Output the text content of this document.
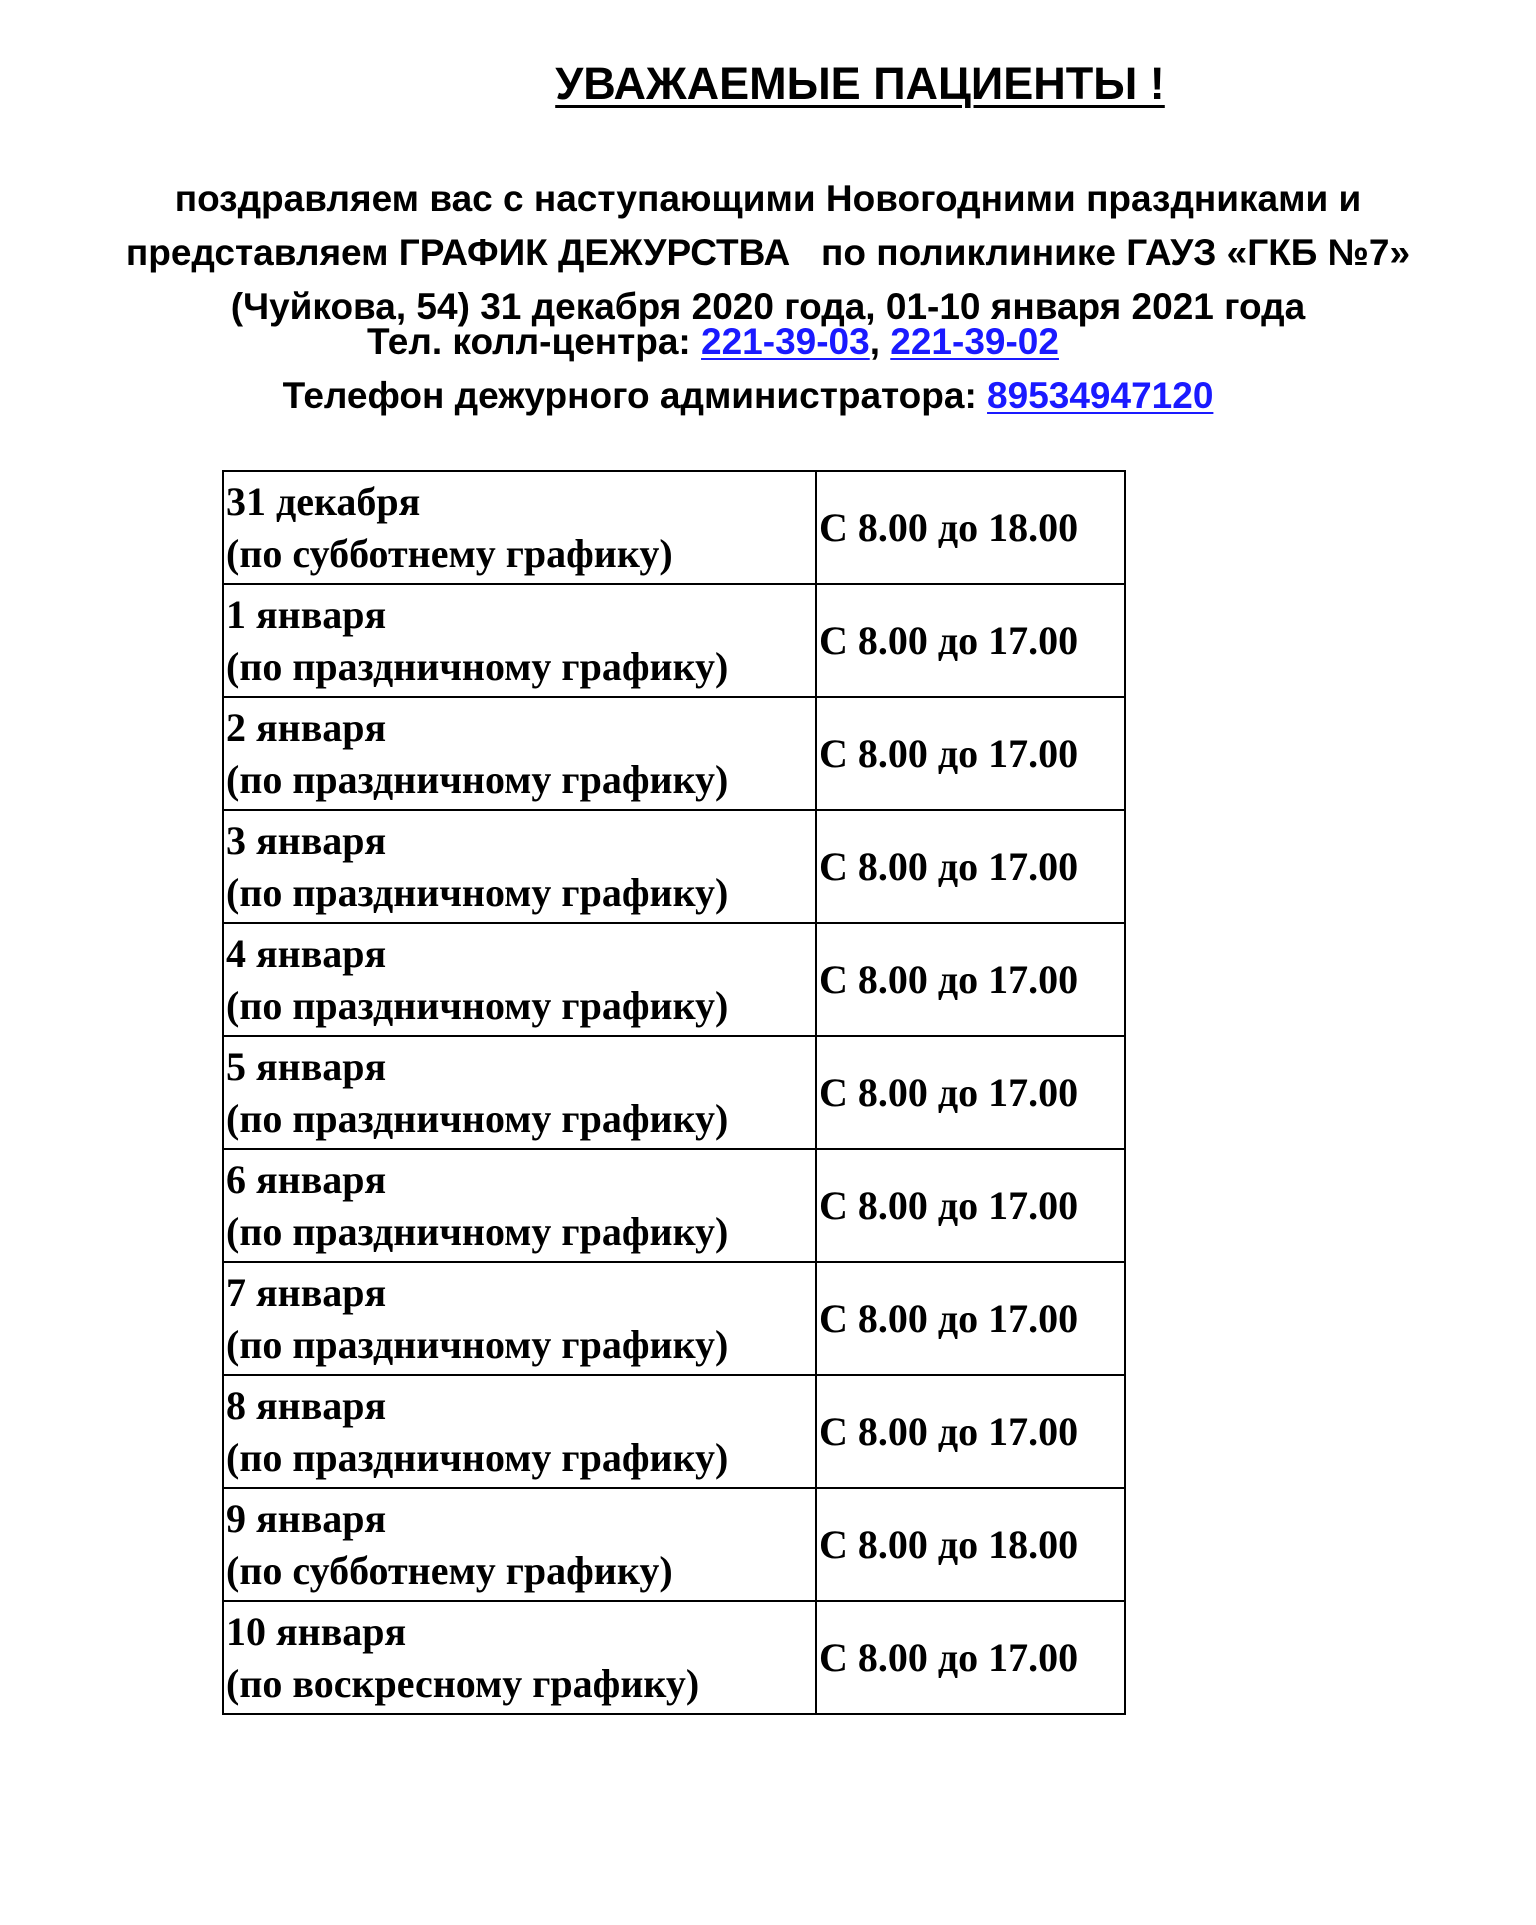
УВАЖАЕМЫЕ ПАЦИЕНТЫ !
поздравляем вас с наступающими Новогодними праздниками и
представляем ГРАФИК ДЕЖУРСТВА   по поликлинике ГАУЗ «ГКБ №7»
(Чуйкова, 54) 31 декабря 2020 года, 01-10 января 2021 года
Тел. колл-центра: 221-39-03, 221-39-02
Телефон дежурного администратора: 89534947120
31 декабря
(по субботнему графику)	С 8.00 до 18.00

1 января
(по праздничному графику)	С 8.00 до 17.00

2 января
(по праздничному графику)	С 8.00 до 17.00

3 января
(по праздничному графику)	С 8.00 до 17.00

4 января
(по праздничному графику)	С 8.00 до 17.00

5 января
(по праздничному графику)	С 8.00 до 17.00

6 января
(по праздничному графику)	С 8.00 до 17.00

7 января
(по праздничному графику)	С 8.00 до 17.00

8 января
(по праздничному графику)	С 8.00 до 17.00

9 января
(по субботнему графику)	С 8.00 до 18.00

10 января
(по воскресному графику)	С 8.00 до 17.00
